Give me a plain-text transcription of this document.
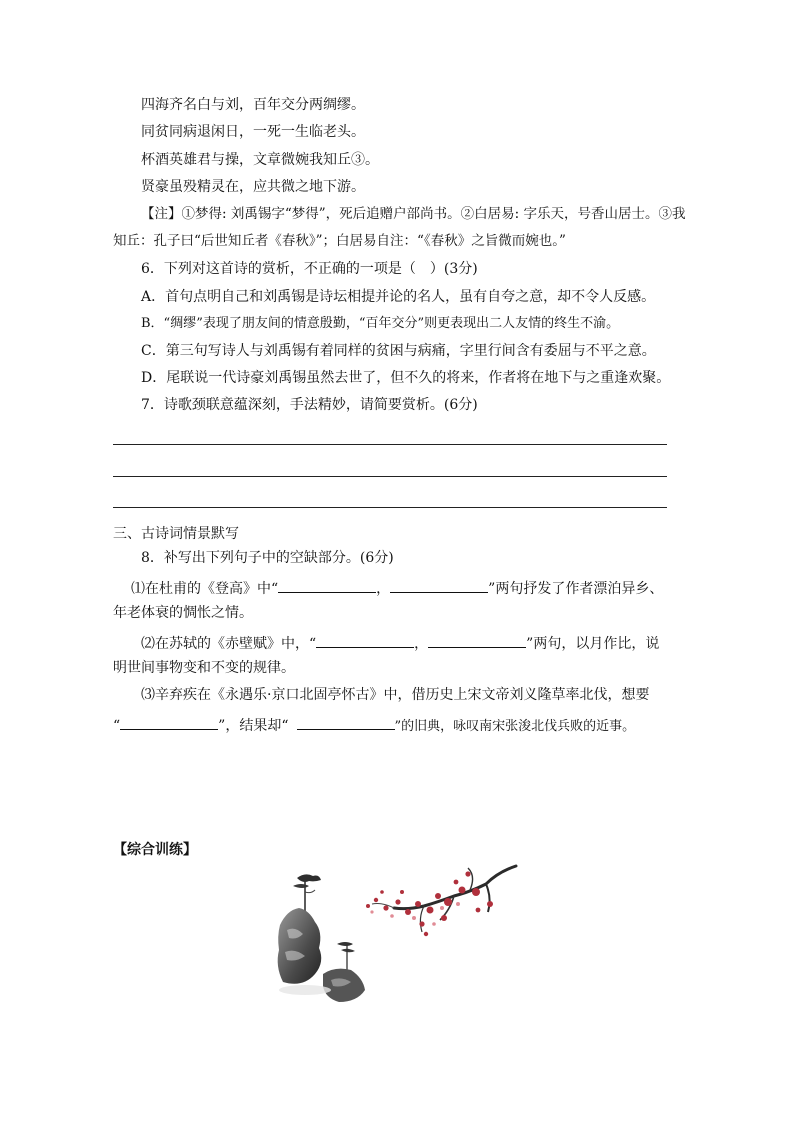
四海齐名白与刘，百年交分两绸缪。
同贫同病退闲日，一死一生临老头。
杯酒英雄君与操，文章微婉我知丘③。
贤豪虽殁精灵在，应共微之地下游。
【注】①梦得: 刘禹锡字“梦得”，死后追赠户部尚书。②白居易: 字乐天，号香山居士。③我
知丘：孔子曰“后世知丘者《春秋》”；白居易自注：“《春秋》之旨微而婉也。”
6．下列对这首诗的赏析，不正确的一项是（　）(3分)
A．首句点明自己和刘禹锡是诗坛相提并论的名人，虽有自夸之意，却不令人反感。
B．“绸缪”表现了朋友间的情意殷勤，“百年交分”则更表现出二人友情的终生不渝。
C．第三句写诗人与刘禹锡有着同样的贫困与病痛，字里行间含有委屈与不平之意。
D．尾联说一代诗豪刘禹锡虽然去世了，但不久的将来，作者将在地下与之重逢欢聚。
7．诗歌颈联意蕴深刻，手法精妙，请简要赏析。(6分)
三、古诗词情景默写
8．补写出下列句子中的空缺部分。(6分)
⑴在杜甫的《登高》中“	，	”两句抒发了作者漂泊异乡、
年老体衰的惆怅之情。
⑵在苏轼的《赤壁赋》中，“	，	”两句，以月作比，说
明世间事物变和不变的规律。
⑶辛弃疾在《永遇乐·京口北固亭怀古》中，借历史上宋文帝刘义隆草率北伐，想要
“	”，结果却“	”的旧典，咏叹南宋张浚北伐兵败的近事。
【综合训练】
